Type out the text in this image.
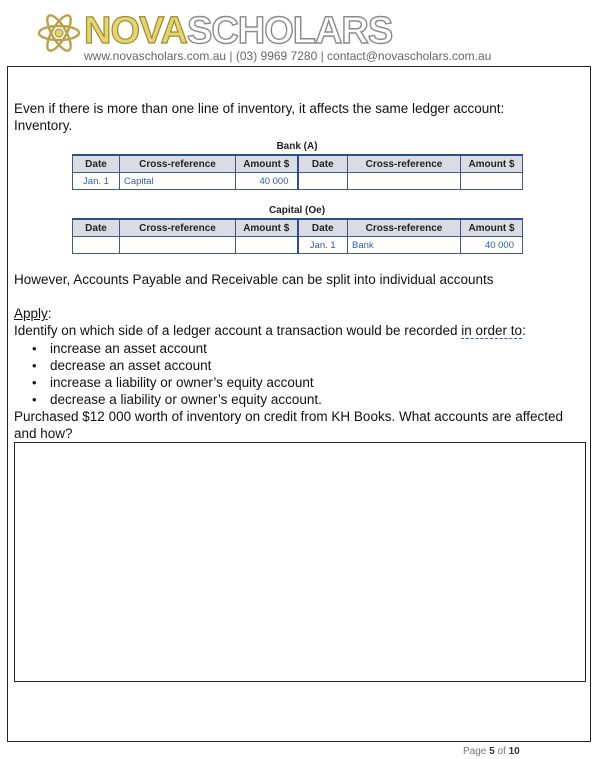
NOVASCHOLARS
www.novascholars.com.au | (03) 9969 7280 | contact@novascholars.com.au
Even if there is more than one line of inventory, it affects the same ledger account:
Inventory.
Bank (A)
Date	Cross-reference	Amount $	Date	Cross-reference	Amount $
Jan. 1	Capital	40 000			
Capital (Oe)
Date	Cross-reference	Amount $	Date	Cross-reference	Amount $
			Jan. 1	Bank	40 000
However, Accounts Payable and Receivable can be split into individual accounts
Apply:
Identify on which side of a ledger account a transaction would be recorded in order to:
• increase an asset account
• decrease an asset account
• increase a liability or owner’s equity account
• decrease a liability or owner’s equity account.
Purchased $12 000 worth of inventory on credit from KH Books. What accounts are affected
and how?
Page 5 of 10
